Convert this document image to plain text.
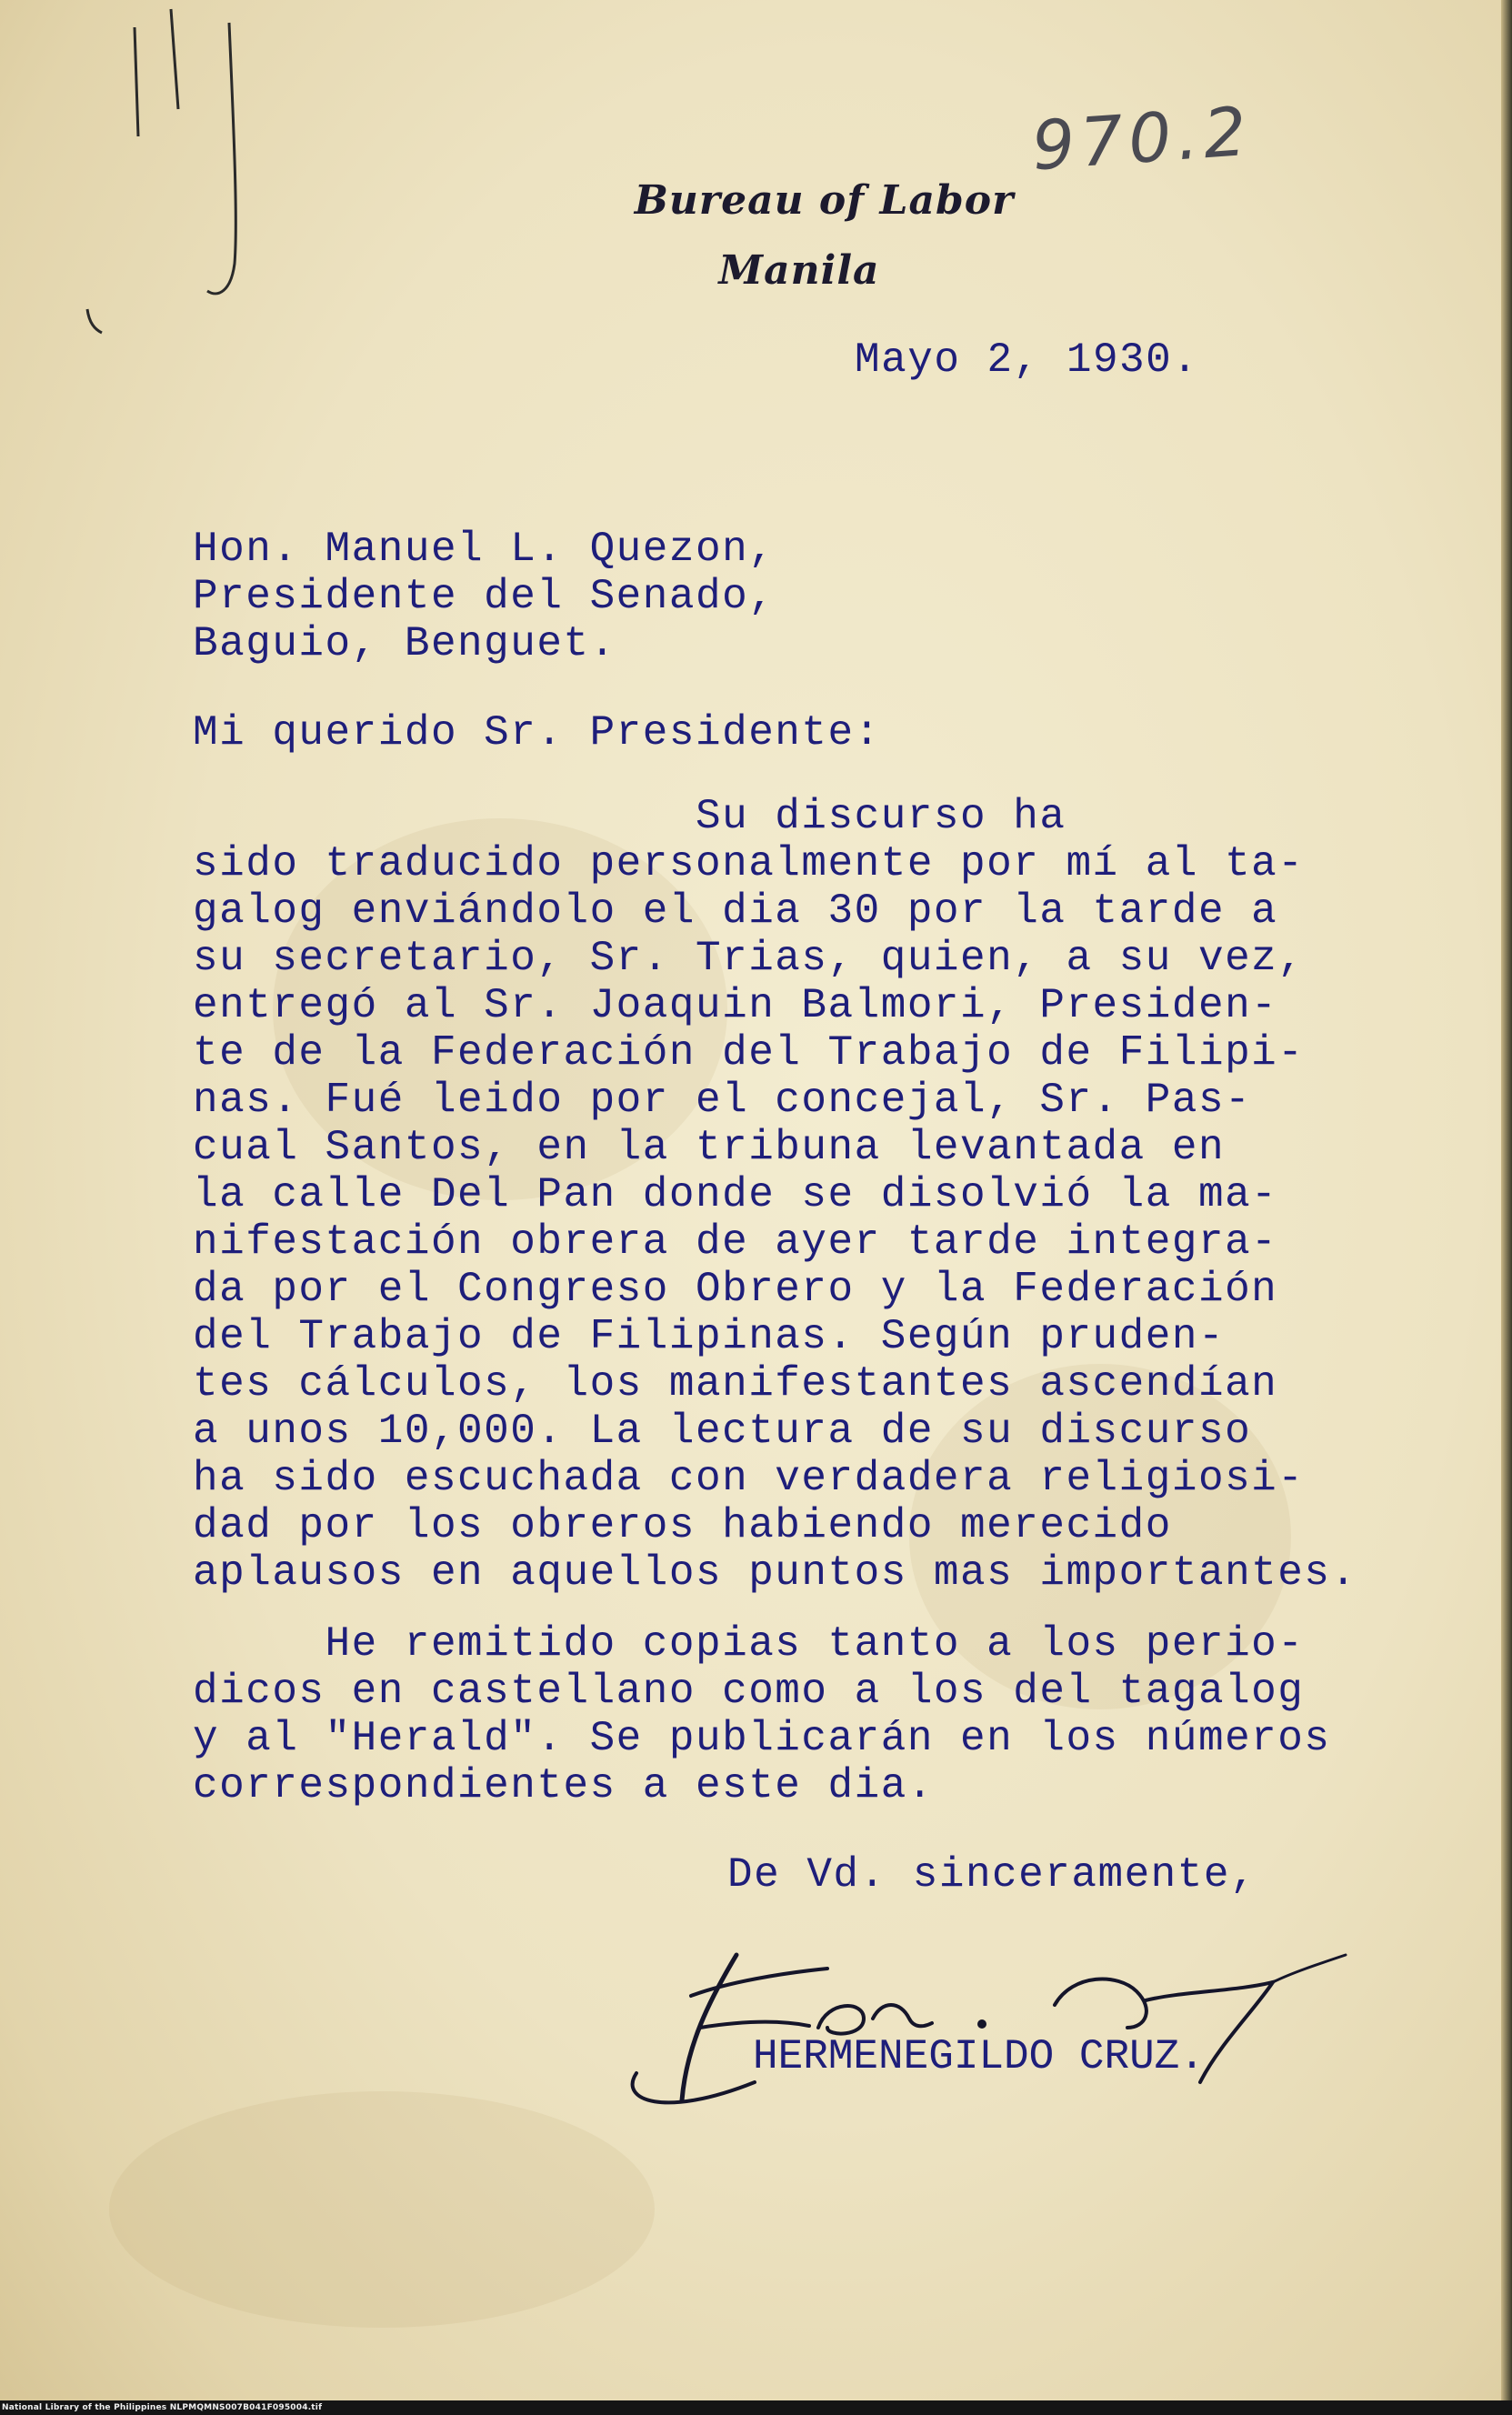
970.2
Bureau of Labor
Manila
Mayo 2, 1930.
Hon. Manuel L. Quezon,
Presidente del Senado,
Baguio, Benguet.
Mi querido Sr. Presidente:
Su discurso ha
sido traducido personalmente por mí al ta-
galog enviándolo el dia 30 por la tarde a
su secretario, Sr. Trias, quien, a su vez,
entregó al Sr. Joaquin Balmori, Presiden-
te de la Federación del Trabajo de Filipi-
nas. Fué leido por el concejal, Sr. Pas-
cual Santos, en la tribuna levantada en
la calle Del Pan donde se disolvió la ma-
nifestación obrera de ayer tarde integra-
da por el Congreso Obrero y la Federación
del Trabajo de Filipinas. Según pruden-
tes cálculos, los manifestantes ascendían
a unos 10,000. La lectura de su discurso
ha sido escuchada con verdadera religiosi-
dad por los obreros habiendo merecido
aplausos en aquellos puntos mas importantes.
He remitido copias tanto a los perio-
dicos en castellano como a los del tagalog
y al "Herald". Se publicarán en los números
correspondientes a este dia.
De Vd. sinceramente,
HERMENEGILDO CRUZ.
National Library of the Philippines NLPMQMNS007B041F095004.tif
